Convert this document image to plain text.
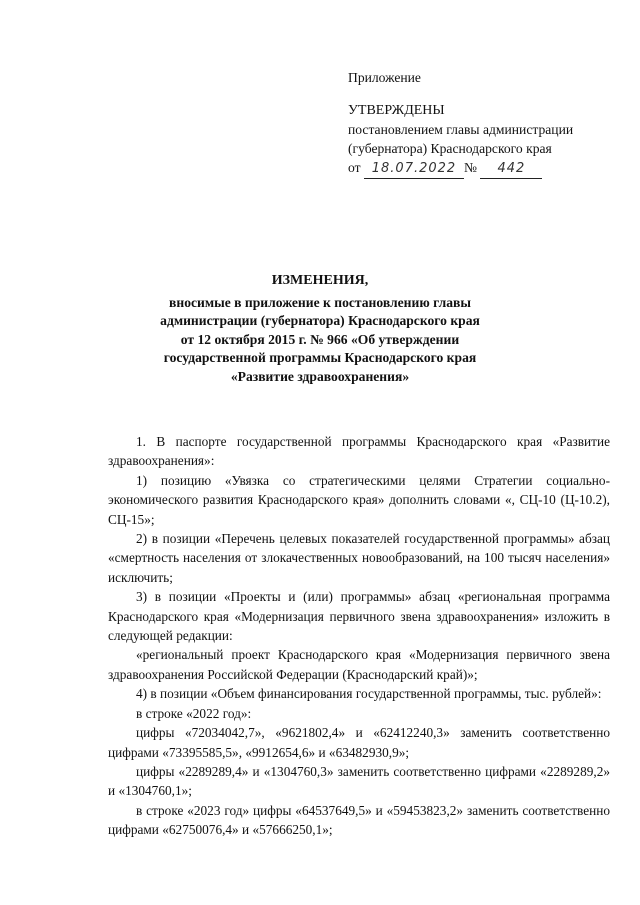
Приложение
УТВЕРЖДЕНЫ
постановлением главы администрации
(губернатора) Краснодарского края
от 18.07.2022 № 442
ИЗМЕНЕНИЯ,
вносимые в приложение к постановлению главы
администрации (губернатора) Краснодарского края
от 12 октября 2015 г. № 966 «Об утверждении
государственной программы Краснодарского края
«Развитие здравоохранения»

1. В паспорте государственной программы Краснодарского края «Развитие здравоохранения»:

1) позицию «Увязка со стратегическими целями Стратегии социально-экономического развития Краснодарского края» дополнить словами «, СЦ-10 (Ц-10.2), СЦ-15»;

2) в позиции «Перечень целевых показателей государственной программы» абзац «смертность населения от злокачественных новообразований, на 100 тысяч населения» исключить;

3) в позиции «Проекты и (или) программы» абзац «региональная программа Краснодарского края «Модернизация первичного звена здравоохранения» изложить в следующей редакции:

«региональный проект Краснодарского края «Модернизация первичного звена здравоохранения Российской Федерации (Краснодарский край)»;

4) в позиции «Объем финансирования государственной программы, тыс. рублей»:

в строке «2022 год»:

цифры «72034042,7», «9621802,4» и «62412240,3» заменить соответственно цифрами «73395585,5», «9912654,6» и «63482930,9»;

цифры «2289289,4» и «1304760,3» заменить соответственно цифрами «2289289,2» и «1304760,1»;

в строке «2023 год» цифры «64537649,5» и «59453823,2» заменить соответственно цифрами «62750076,4» и «57666250,1»;
